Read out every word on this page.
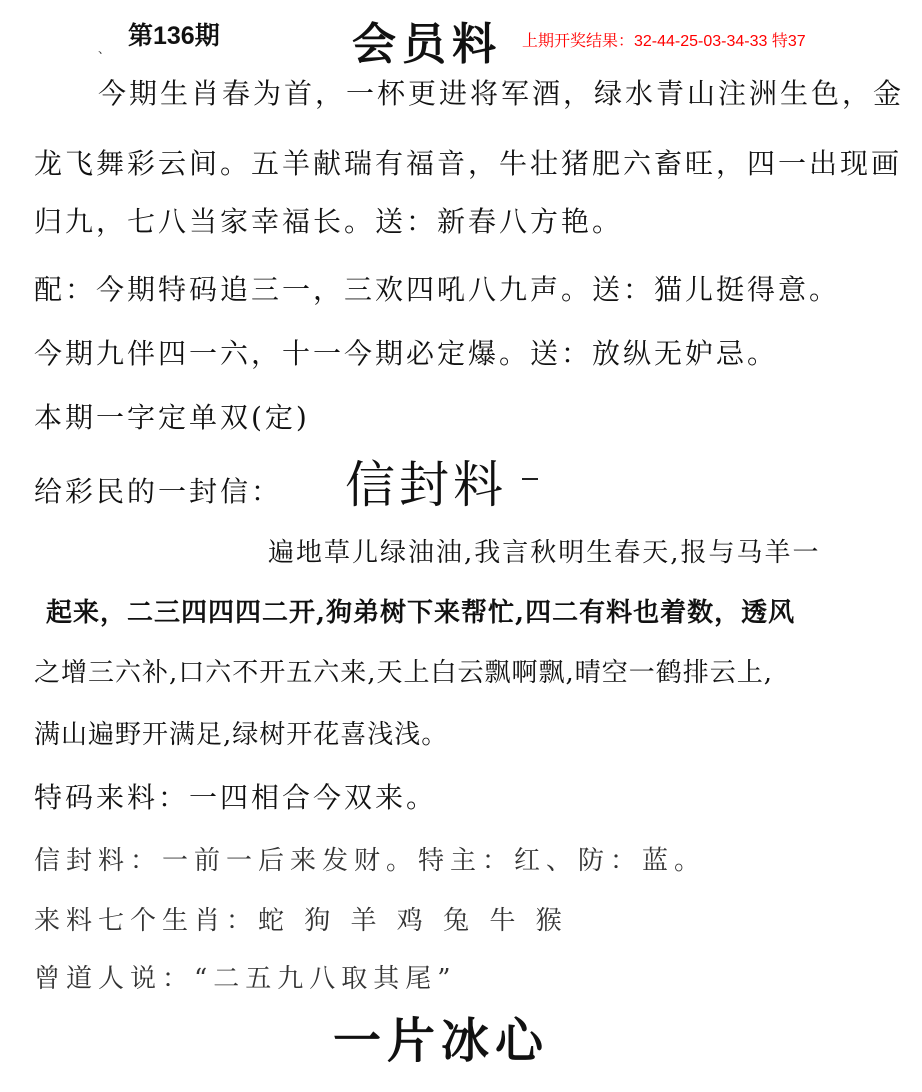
、 第136期	会员料 上期开奖结果：32-44-25-03-34-33 特37
今期生肖春为首，一杯更进将军酒，绿水青山注洲生色，金
龙飞舞彩云间。五羊献瑞有福音，牛壮猪肥六畜旺，四一出现画
归九，七八当家幸福长。送：新春八方艳。
配：今期特码追三一，三欢四吼八九声。送：猫儿挺得意。
今期九伴四一六，十一今期必定爆。送：放纵无妒忌。
本期一字定单双(定)
给彩民的一封信： 信封料
遍地草儿绿油油,我言秋明生春天,报与马羊一
起来，二三四四四二开,狗弟树下来帮忙,四二有料也着数，透风
之增三六补,口六不开五六来,天上白云飘啊飘,晴空一鹤排云上,
满山遍野开满足,绿树开花喜浅浅。
特码来料：一四相合今双来。
信封料：一前一后来发财。特主：红、防：蓝。
来料七个生肖：蛇 狗 羊 鸡 兔 牛 猴
曾道人说：“二五九八取其尾”
一片冰心
